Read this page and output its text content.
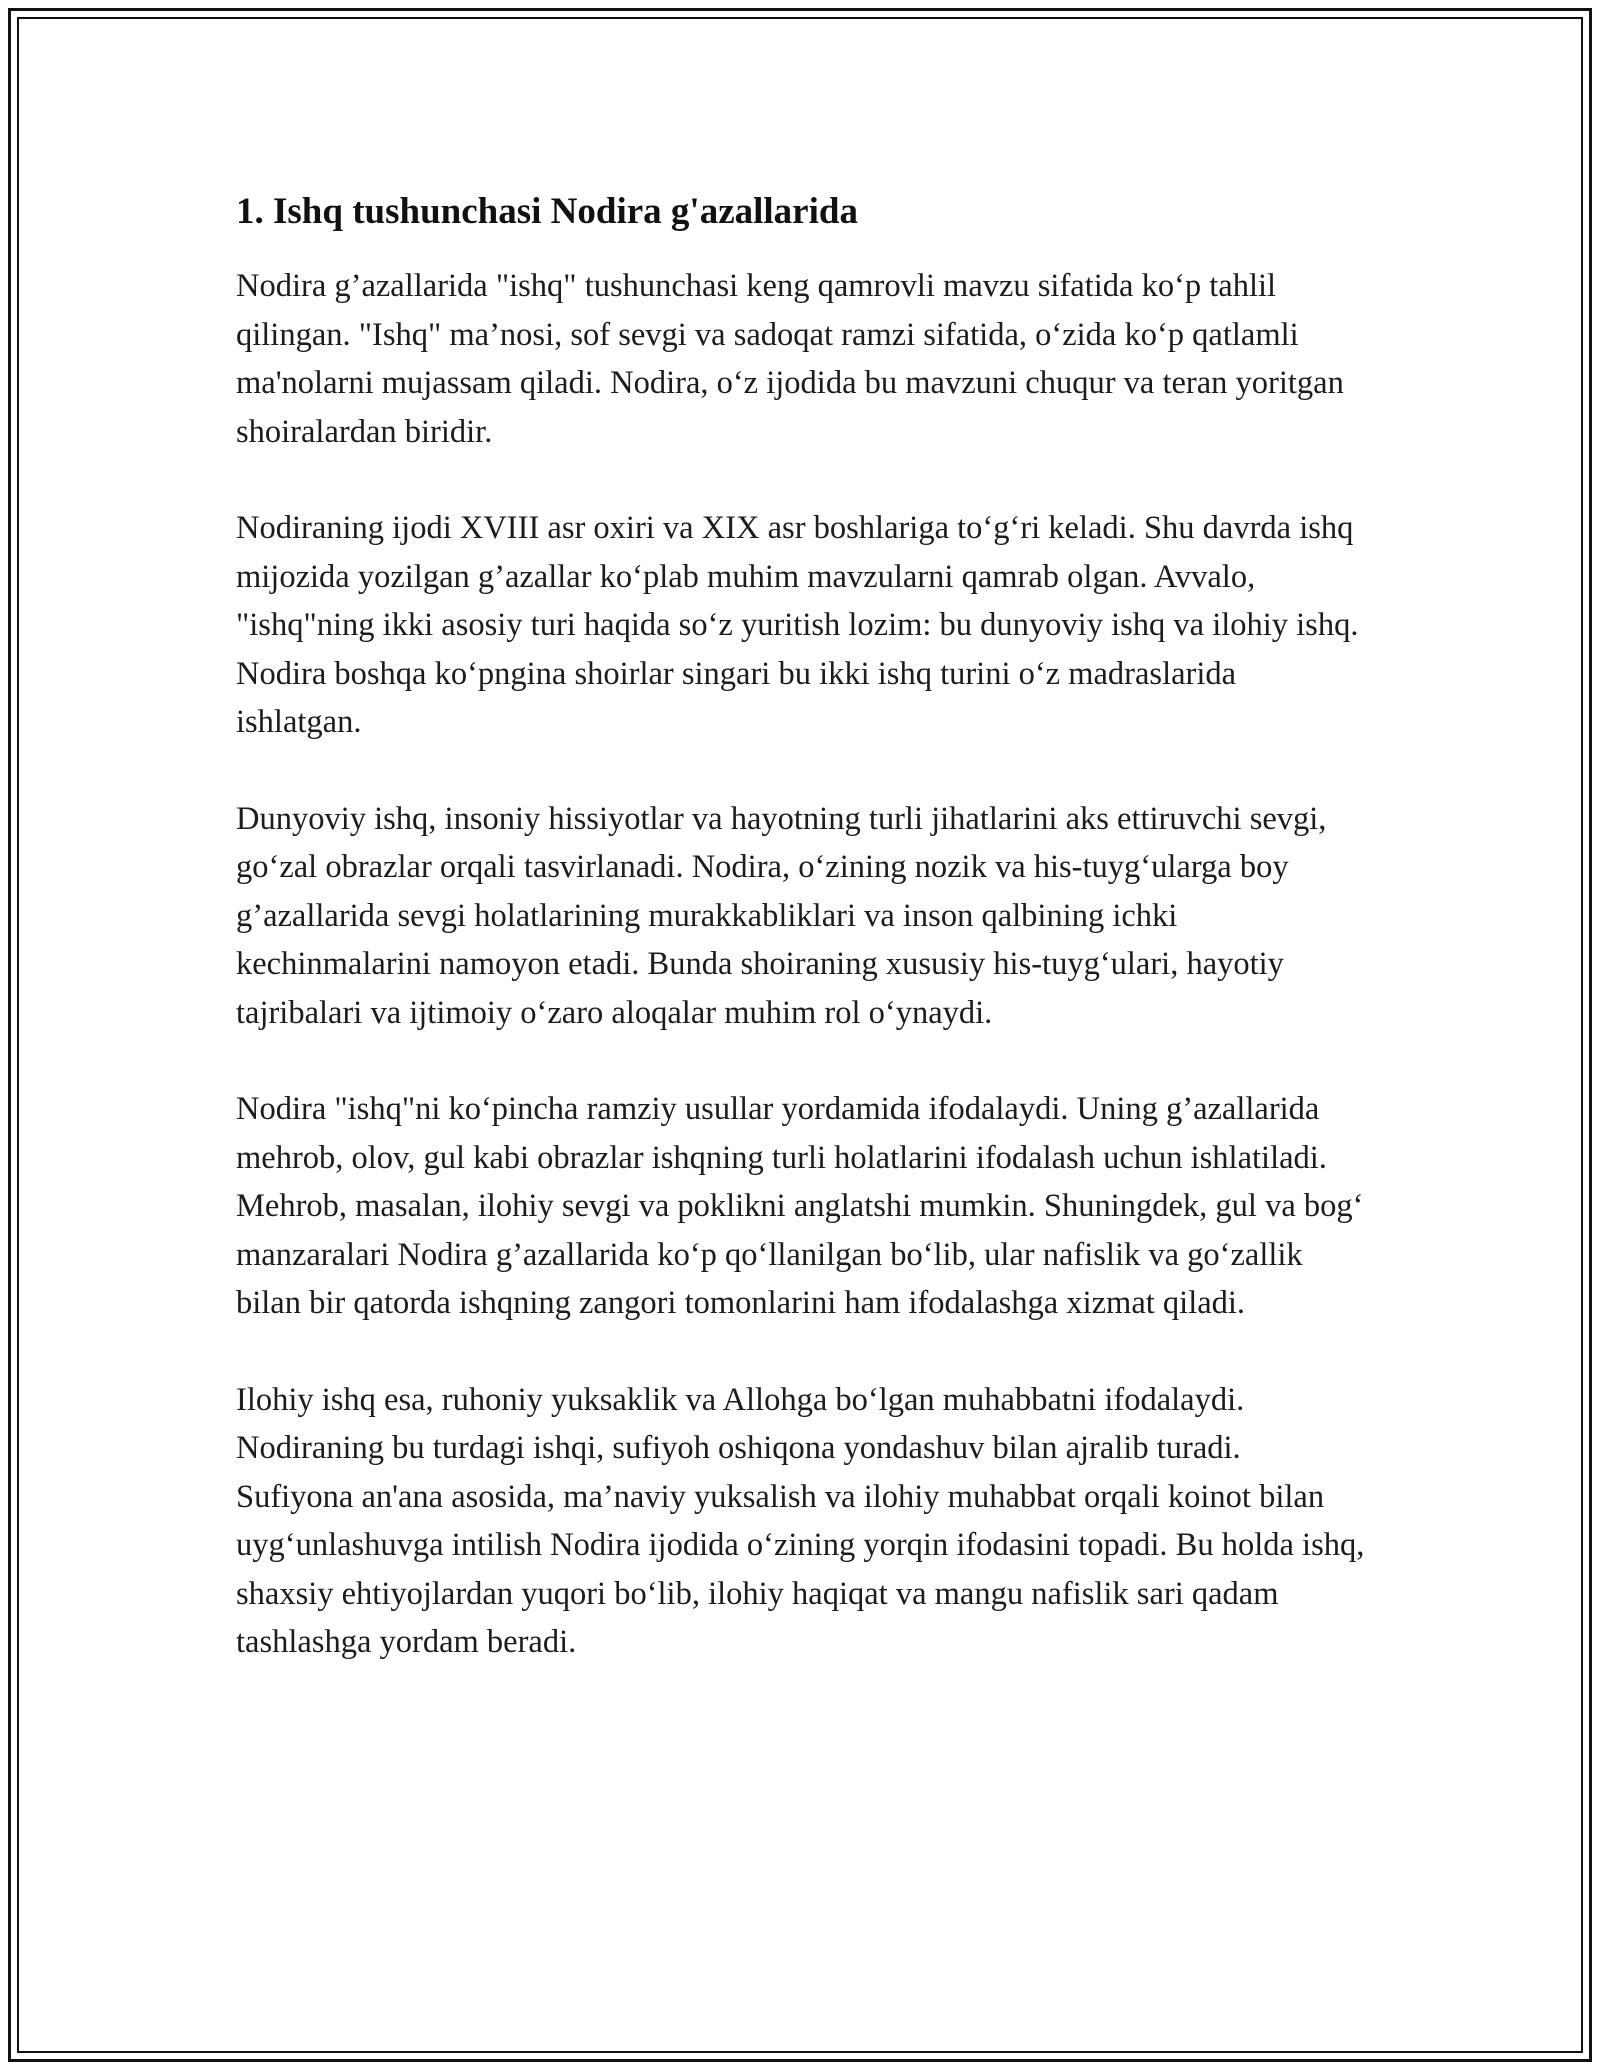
1. Ishq tushunchasi Nodira g'azallarida

Nodira g’azallarida "ishq" tushunchasi keng qamrovli mavzu sifatida ko‘p tahlil qilingan. "Ishq" ma’nosi, sof sevgi va sadoqat ramzi sifatida, o‘zida ko‘p qatlamli ma'nolarni mujassam qiladi. Nodira, o‘z ijodida bu mavzuni chuqur va teran yoritgan shoiralardan biridir.

Nodiraning ijodi XVIII asr oxiri va XIX asr boshlariga to‘g‘ri keladi. Shu davrda ishq mijozida yozilgan g’azallar ko‘plab muhim mavzularni qamrab olgan. Avvalo, "ishq"ning ikki asosiy turi haqida so‘z yuritish lozim: bu dunyoviy ishq va ilohiy ishq. Nodira boshqa ko‘pngina shoirlar singari bu ikki ishq turini o‘z madraslarida ishlatgan.

Dunyoviy ishq, insoniy hissiyotlar va hayotning turli jihatlarini aks ettiruvchi sevgi, go‘zal obrazlar orqali tasvirlanadi. Nodira, o‘zining nozik va his-tuyg‘ularga boy g’azallarida sevgi holatlarining murakkabliklari va inson qalbining ichki kechinmalarini namoyon etadi. Bunda shoiraning xususiy his-tuyg‘ulari, hayotiy tajribalari va ijtimoiy o‘zaro aloqalar muhim rol o‘ynaydi.

Nodira "ishq"ni ko‘pincha ramziy usullar yordamida ifodalaydi. Uning g’azallarida mehrob, olov, gul kabi obrazlar ishqning turli holatlarini ifodalash uchun ishlatiladi. Mehrob, masalan, ilohiy sevgi va poklikni anglatshi mumkin. Shuningdek, gul va bog‘ manzaralari Nodira g’azallarida ko‘p qo‘llanilgan bo‘lib, ular nafislik va go‘zallik bilan bir qatorda ishqning zangori tomonlarini ham ifodalashga xizmat qiladi.

Ilohiy ishq esa, ruhoniy yuksaklik va Allohga bo‘lgan muhabbatni ifodalaydi. Nodiraning bu turdagi ishqi, sufiyoh oshiqona yondashuv bilan ajralib turadi. Sufiyona an'ana asosida, ma’naviy yuksalish va ilohiy muhabbat orqali koinot bilan uyg‘unlashuvga intilish Nodira ijodida o‘zining yorqin ifodasini topadi. Bu holda ishq, shaxsiy ehtiyojlardan yuqori bo‘lib, ilohiy haqiqat va mangu nafislik sari qadam tashlashga yordam beradi.
